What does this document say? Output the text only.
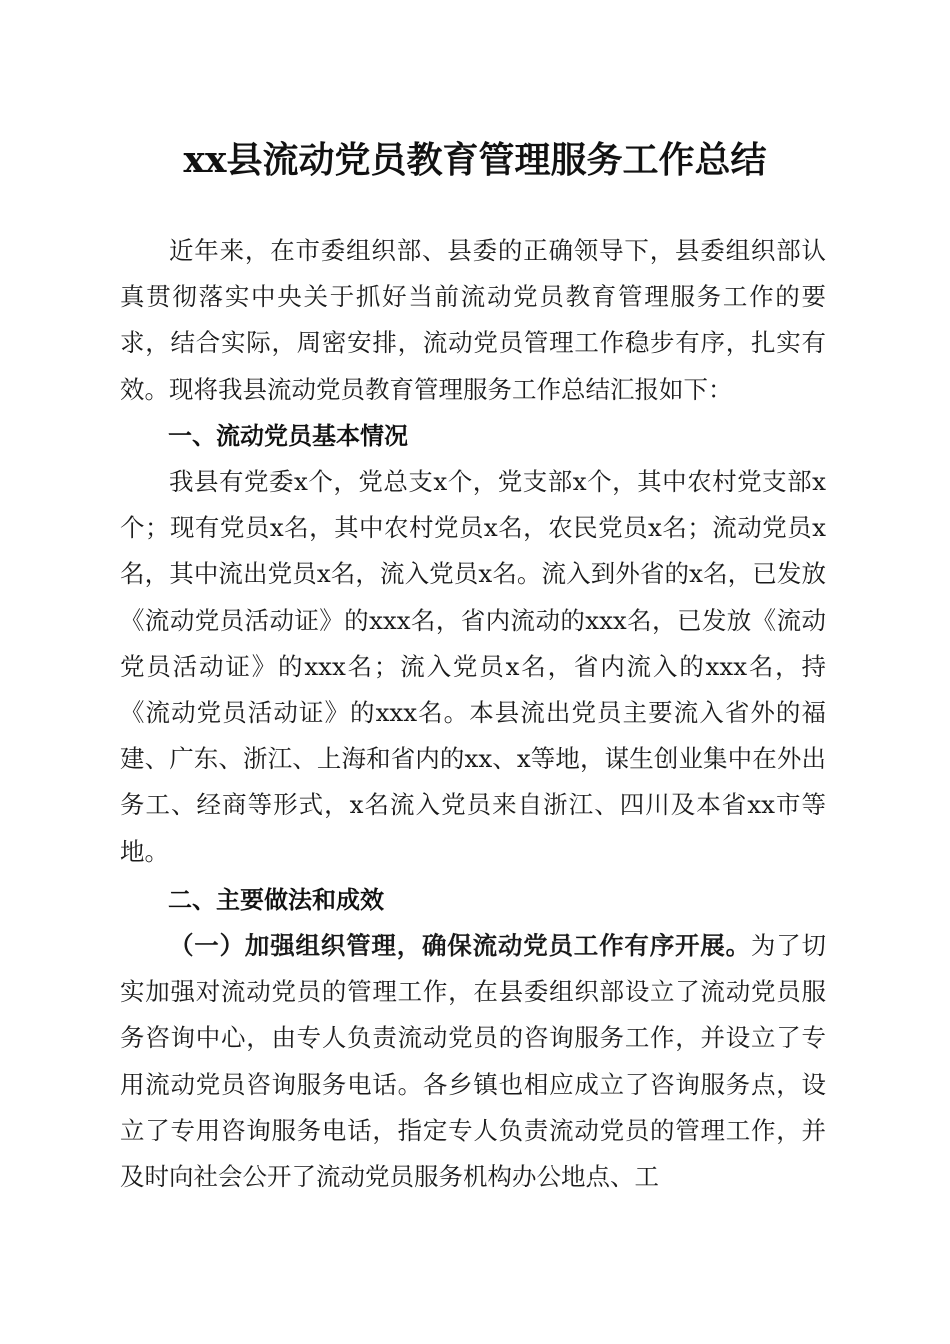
xx县流动党员教育管理服务工作总结

近年来，在市委组织部、县委的正确领导下，县委组织部认真贯彻落实中央关于抓好当前流动党员教育管理服务工作的要求，结合实际，周密安排，流动党员管理工作稳步有序，扎实有效。现将我县流动党员教育管理服务工作总结汇报如下：

一、流动党员基本情况

我县有党委x个，党总支x个，党支部x个，其中农村党支部x个；现有党员x名，其中农村党员x名，农民党员x名；流动党员x名，其中流出党员x名，流入党员x名。流入到外省的x名，已发放《流动党员活动证》的xxx名，省内流动的xxx名，已发放《流动党员活动证》的xxx名；流入党员x名，省内流入的xxx名，持《流动党员活动证》的xxx名。本县流出党员主要流入省外的福建、广东、浙江、上海和省内的xx、x等地，谋生创业集中在外出务工、经商等形式，x名流入党员来自浙江、四川及本省xx市等地。

二、主要做法和成效

（一）加强组织管理，确保流动党员工作有序开展。为了切实加强对流动党员的管理工作，在县委组织部设立了流动党员服务咨询中心，由专人负责流动党员的咨询服务工作，并设立了专用流动党员咨询服务电话。各乡镇也相应成立了咨询服务点，设立了专用咨询服务电话，指定专人负责流动党员的管理工作，并及时向社会公开了流动党员服务机构办公地点、工
